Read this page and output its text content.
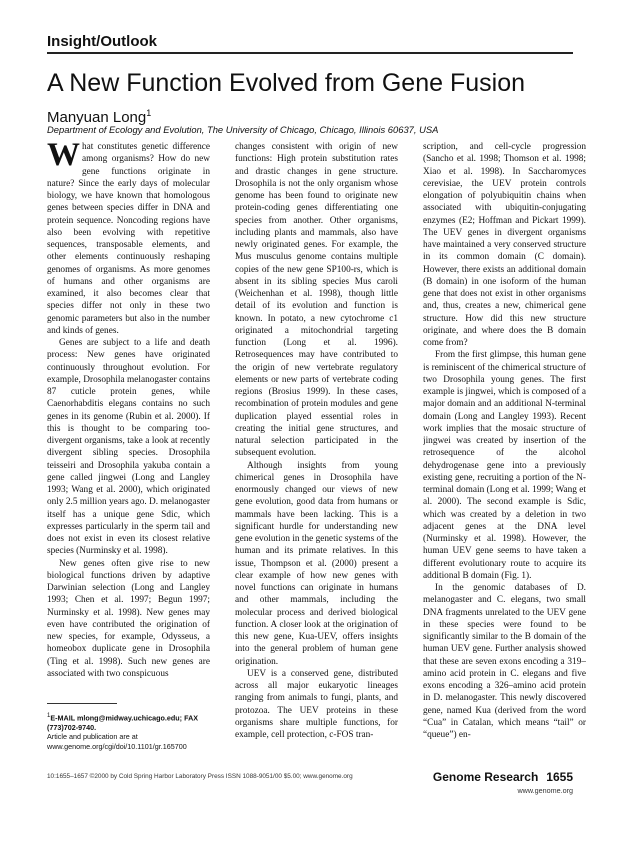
Insight/Outlook
A New Function Evolved from Gene Fusion
Manyuan Long$^1$
Department of Ecology and Evolution, The University of Chicago, Chicago, Illinois 60637, USA

What constitutes genetic difference among organisms? How do new gene functions originate in nature? Since the early days of molecular biology, we have known that homologous genes between species differ in DNA and protein sequence. Noncoding regions have also been evolving with repetitive sequences, transposable elements, and other elements continuously reshaping genomes of organisms. As more genomes of humans and other organisms are examined, it also becomes clear that species differ not only in these two genomic parameters but also in the number and kinds of genes.

Genes are subject to a life and death process: New genes have originated continuously throughout evolution. For example, Drosophila melanogaster contains 87 cuticle protein genes, while Caenorhabditis elegans contains no such genes in its genome (Rubin et al. 2000). If this is thought to be comparing too-divergent organisms, take a look at recently divergent sibling species. Drosophila teisseiri and Drosophila yakuba contain a gene called jingwei (Long and Langley 1993; Wang et al. 2000), which originated only 2.5 million years ago. D. melanogaster itself has a unique gene Sdic, which expresses particularly in the sperm tail and does not exist in even its closest relative species (Nurminsky et al. 1998).

New genes often give rise to new biological functions driven by adaptive Darwinian selection (Long and Langley 1993; Chen et al. 1997; Begun 1997; Nurminsky et al. 1998). New genes may even have contributed the origination of new species, for example, Odysseus, a homeobox duplicate gene in Drosophila (Ting et al. 1998). Such new genes are associated with two conspicuous

$^1$E-MAIL mlong@midway.uchicago.edu; FAX (773)702-9740.
Article and publication are at www.genome.org/cgi/doi/10.1101/gr.165700

changes consistent with origin of new functions: High protein substitution rates and drastic changes in gene structure. Drosophila is not the only organism whose genome has been found to originate new protein-coding genes differentiating one species from another. Other organisms, including plants and mammals, also have newly originated genes. For example, the Mus musculus genome contains multiple copies of the new gene SP100-rs, which is absent in its sibling species Mus caroli (Weichenhan et al. 1998), though little detail of its evolution and function is known. In potato, a new cytochrome c1 originated a mitochondrial targeting function (Long et al. 1996). Retrosequences may have contributed to the origin of new vertebrate regulatory elements or new parts of vertebrate coding regions (Brosius 1999). In these cases, recombination of protein modules and gene duplication played essential roles in creating the initial gene structures, and natural selection participated in the subsequent evolution.

Although insights from young chimerical genes in Drosophila have enormously changed our views of new gene evolution, good data from humans or mammals have been lacking. This is a significant hurdle for understanding new gene evolution in the genetic systems of the human and its primate relatives. In this issue, Thompson et al. (2000) present a clear example of how new genes with novel functions can originate in humans and other mammals, including the molecular process and derived biological function. A closer look at the origination of this new gene, Kua-UEV, offers insights into the general problem of human gene origination.

UEV is a conserved gene, distributed across all major eukaryotic lineages ranging from animals to fungi, plants, and protozoa. The UEV proteins in these organisms share multiple functions, for example, cell protection, c-FOS tran-

scription, and cell-cycle progression (Sancho et al. 1998; Thomson et al. 1998; Xiao et al. 1998). In Saccharomyces cerevisiae, the UEV protein controls elongation of polyubiquitin chains when associated with ubiquitin-conjugating enzymes (E2; Hoffman and Pickart 1999). The UEV genes in divergent organisms have maintained a very conserved structure in its common domain (C domain). However, there exists an additional domain (B domain) in one isoform of the human gene that does not exist in other organisms and, thus, creates a new, chimerical gene structure. How did this new structure originate, and where does the B domain come from?

From the first glimpse, this human gene is reminiscent of the chimerical structure of two Drosophila young genes. The first example is jingwei, which is composed of a major domain and an additional N-terminal domain (Long and Langley 1993). Recent work implies that the mosaic structure of jingwei was created by insertion of the retrosequence of the alcohol dehydrogenase gene into a previously existing gene, recruiting a portion of the N-terminal domain (Long et al. 1999; Wang et al. 2000). The second example is Sdic, which was created by a deletion in two adjacent genes at the DNA level (Nurminsky et al. 1998). However, the human UEV gene seems to have taken a different evolutionary route to acquire its additional B domain (Fig. 1).

In the genomic databases of D. melanogaster and C. elegans, two small DNA fragments unrelated to the UEV gene in these species were found to be significantly similar to the B domain of the human UEV gene. Further analysis showed that these are seven exons encoding a 319–amino acid protein in C. elegans and five exons encoding a 326–amino acid protein in D. melanogaster. This newly discovered gene, named Kua (derived from the word “Cua” in Catalan, which means “tail” or “queue”) en-

10:1655–1657 ©2000 by Cold Spring Harbor Laboratory Press ISSN 1088-9051/00 $5.00; www.genome.org	Genome Research 1655
www.genome.org
